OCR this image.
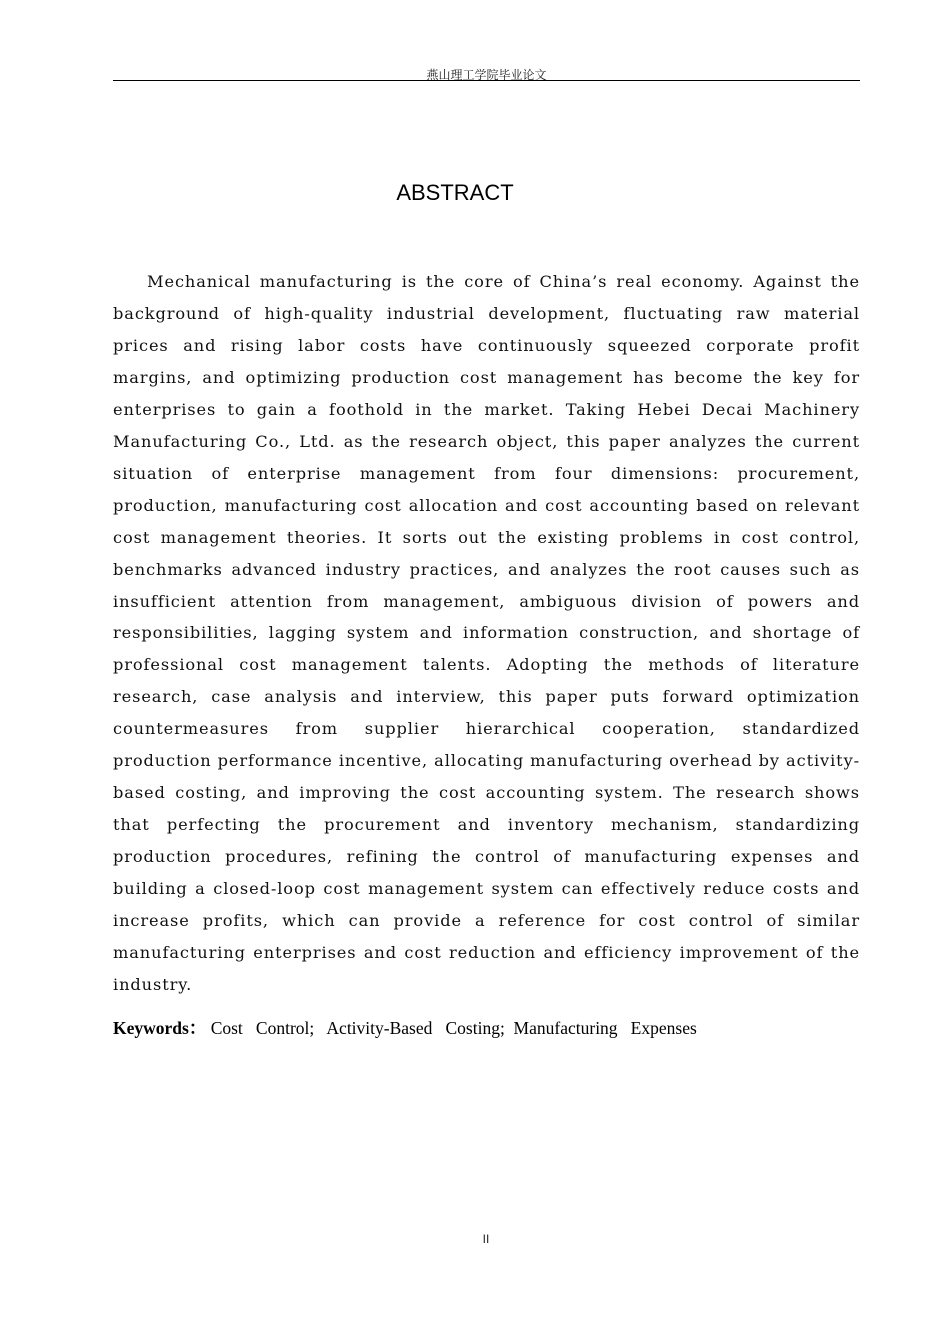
燕山理工学院毕业论文
ABSTRACT

Mechanical manufacturing is the core of China’s real economy. Against the background of high-quality industrial development, fluctuating raw material prices and rising labor costs have continuously squeezed corporate profit margins, and optimizing production cost management has become the key for enterprises to gain a foothold in the market. Taking Hebei Decai Machinery Manufacturing Co., Ltd. as the research object, this paper analyzes the current situation of enterprise management from four dimensions: procurement, production, manufacturing cost allocation and cost accounting based on relevant cost management theories. It sorts out the existing problems in cost control, benchmarks advanced industry practices, and analyzes the root causes such as insufficient attention from management, ambiguous division of powers and responsibilities, lagging system and information construction, and shortage of professional cost management talents. Adopting the methods of literature research, case analysis and interview, this paper puts forward optimization countermeasures from supplier hierarchical cooperation, standardized production performance incentive, allocating manufacturing overhead by activity-based costing, and improving the cost accounting system. The research shows that perfecting the procurement and inventory mechanism, standardizing production procedures, refining the control of manufacturing expenses and building a closed-loop cost management system can effectively reduce costs and increase profits, which can provide a reference for cost control of similar manufacturing enterprises and cost reduction and efficiency improvement of the industry.

Keywords： Cost   Control;   Activity-Based   Costing;  Manufacturing   Expenses
II
